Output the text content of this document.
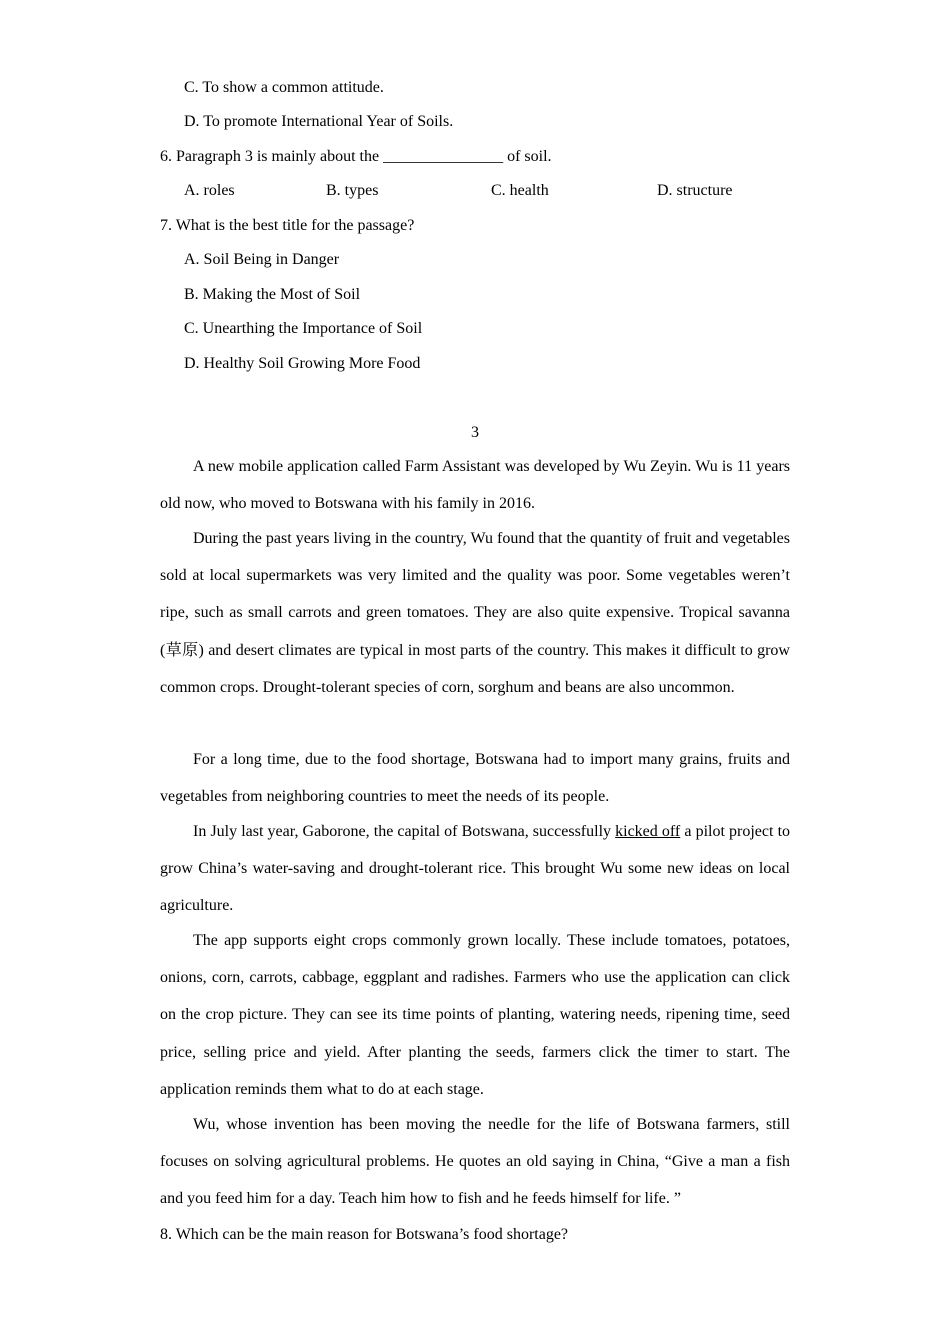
C. To show a common attitude.
D. To promote International Year of Soils.
6. Paragraph 3 is mainly about the _______________ of soil.
A. roles	B. types	C. health	D. structure
7. What is the best title for the passage?
A. Soil Being in Danger
B. Making the Most of Soil
C. Unearthing the Importance of Soil
D. Healthy Soil Growing More Food
3

A new mobile application called Farm Assistant was developed by Wu Zeyin. Wu is 11 years old now, who moved to Botswana with his family in 2016.

During the past years living in the country, Wu found that the quantity of fruit and vegetables sold at local supermarkets was very limited and the quality was poor. Some vegetables weren’t ripe, such as small carrots and green tomatoes. They are also quite expensive. Tropical savanna (草原) and desert climates are typical in most parts of the country. This makes it difficult to grow common crops. Drought-tolerant species of corn, sorghum and beans are also uncommon.

For a long time, due to the food shortage, Botswana had to import many grains, fruits and vegetables from neighboring countries to meet the needs of its people.

In July last year, Gaborone, the capital of Botswana, successfully kicked off a pilot project to grow China’s water-saving and drought-tolerant rice. This brought Wu some new ideas on local agriculture.

The app supports eight crops commonly grown locally. These include tomatoes, potatoes, onions, corn, carrots, cabbage, eggplant and radishes. Farmers who use the application can click on the crop picture. They can see its time points of planting, watering needs, ripening time, seed price, selling price and yield. After planting the seeds, farmers click the timer to start. The application reminds them what to do at each stage.

Wu, whose invention has been moving the needle for the life of Botswana farmers, still focuses on solving agricultural problems. He quotes an old saying in China, “Give a man a fish and you feed him for a day. Teach him how to fish and he feeds himself for life. ”

8. Which can be the main reason for Botswana’s food shortage?
